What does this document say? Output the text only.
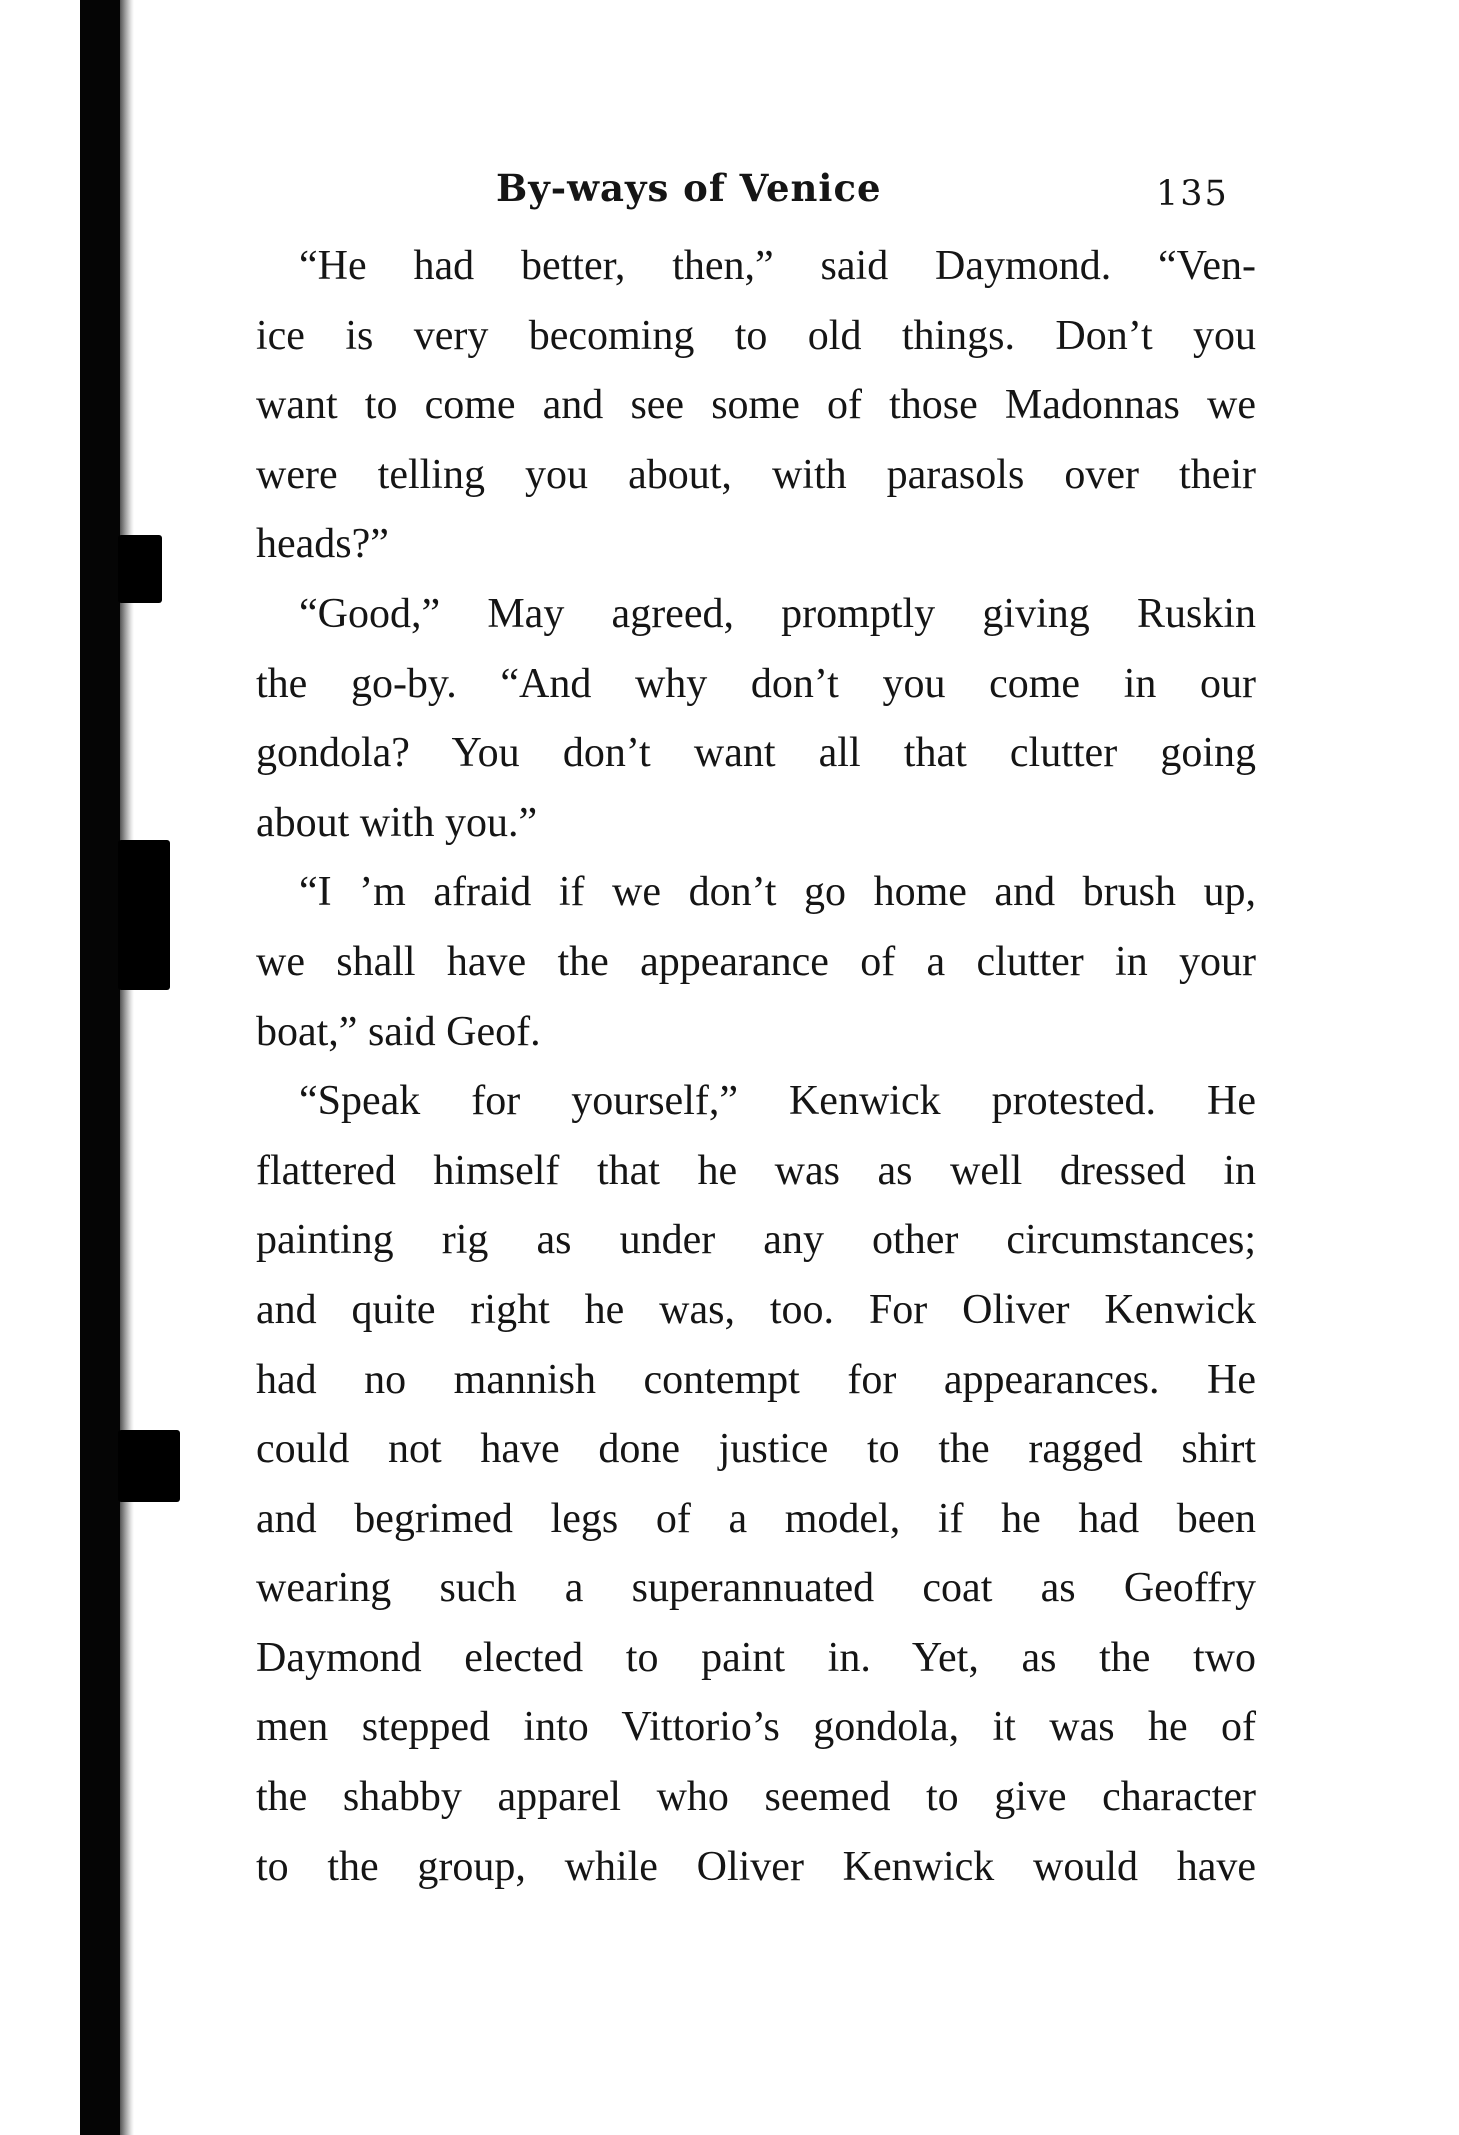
By-ways of Venice	135
“He had better, then,” said Daymond. “Ven-
ice is very becoming to old things. Don’t you
want to come and see some of those Madonnas we
were telling you about, with parasols over their
heads?”
“Good,” May agreed, promptly giving Ruskin
the go-by. “And why don’t you come in our
gondola? You don’t want all that clutter going
about with you.”
“I ’m afraid if we don’t go home and brush up,
we shall have the appearance of a clutter in your
boat,” said Geof.
“Speak for yourself,” Kenwick protested. He
flattered himself that he was as well dressed in
painting rig as under any other circumstances;
and quite right he was, too. For Oliver Kenwick
had no mannish contempt for appearances. He
could not have done justice to the ragged shirt
and begrimed legs of a model, if he had been
wearing such a superannuated coat as Geoffry
Daymond elected to paint in. Yet, as the two
men stepped into Vittorio’s gondola, it was he of
the shabby apparel who seemed to give character
to the group, while Oliver Kenwick would have
